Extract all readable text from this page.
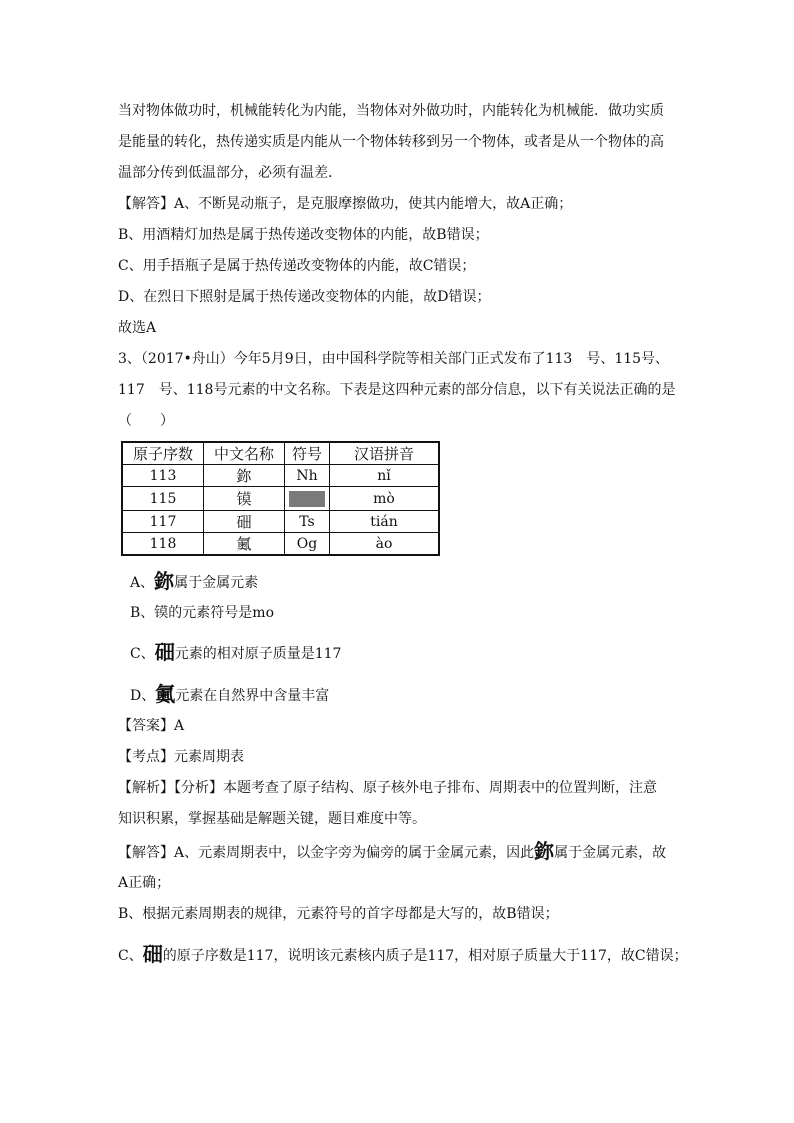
当对物体做功时，机械能转化为内能，当物体对外做功时，内能转化为机械能．做功实质
是能量的转化，热传递实质是内能从一个物体转移到另一个物体，或者是从一个物体的高
温部分传到低温部分，必须有温差．
【解答】A、不断晃动瓶子，是克服摩擦做功，使其内能增大，故A正确；
B、用酒精灯加热是属于热传递改变物体的内能，故B错误；
C、用手捂瓶子是属于热传递改变物体的内能，故C错误；
D、在烈日下照射是属于热传递改变物体的内能，故D错误；
故选A
3、（2017•舟山）今年5月9日，由中国科学院等相关部门正式发布了113　号、115号、
117　号、118号元素的中文名称。下表是这四种元素的部分信息，以下有关说法正确的是
（　　）
原子序数	中文名称	符号	汉语拼音
113	鉨	Nh	nǐ
115	镆		mò
117	鿬	Ts	tián
118	鿫	Og	ào
A、鉨属于金属元素
B、镆的元素符号是mo
C、鿬元素的相对原子质量是117
D、鿫元素在自然界中含量丰富
【答案】A
【考点】元素周期表
【解析】【分析】本题考查了原子结构、原子核外电子排布、周期表中的位置判断，注意
知识积累，掌握基础是解题关键，题目难度中等。
【解答】A、元素周期表中，以金字旁为偏旁的属于金属元素，因此鉨属于金属元素，故
A正确；
B、根据元素周期表的规律，元素符号的首字母都是大写的，故B错误；
C、鿬的原子序数是117，说明该元素核内质子是117，相对原子质量大于117，故C错误；
